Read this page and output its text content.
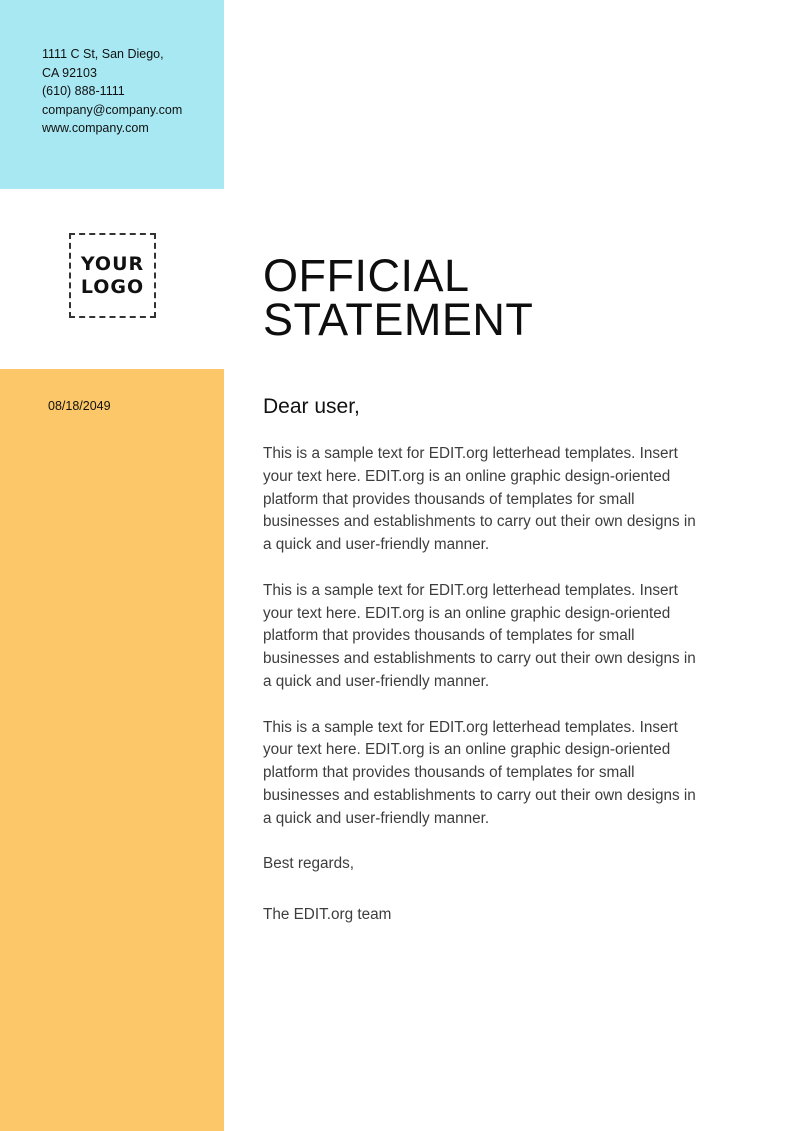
1111 C St, San Diego,
CA 92103
(610) 888-1111
company@company.com
www.company.com
YOUR
LOGO	OFFICIAL
STATEMENT
08/18/2049	Dear user,

This is a sample text for EDIT.org letterhead templates. Insert
your text here. EDIT.org is an online graphic design-oriented
platform that provides thousands of templates for small
businesses and establishments to carry out their own designs in
a quick and user-friendly manner.
This is a sample text for EDIT.org letterhead templates. Insert
your text here. EDIT.org is an online graphic design-oriented
platform that provides thousands of templates for small
businesses and establishments to carry out their own designs in
a quick and user-friendly manner.
This is a sample text for EDIT.org letterhead templates. Insert
your text here. EDIT.org is an online graphic design-oriented
platform that provides thousands of templates for small
businesses and establishments to carry out their own designs in
a quick and user-friendly manner.

Best regards,

The EDIT.org team
